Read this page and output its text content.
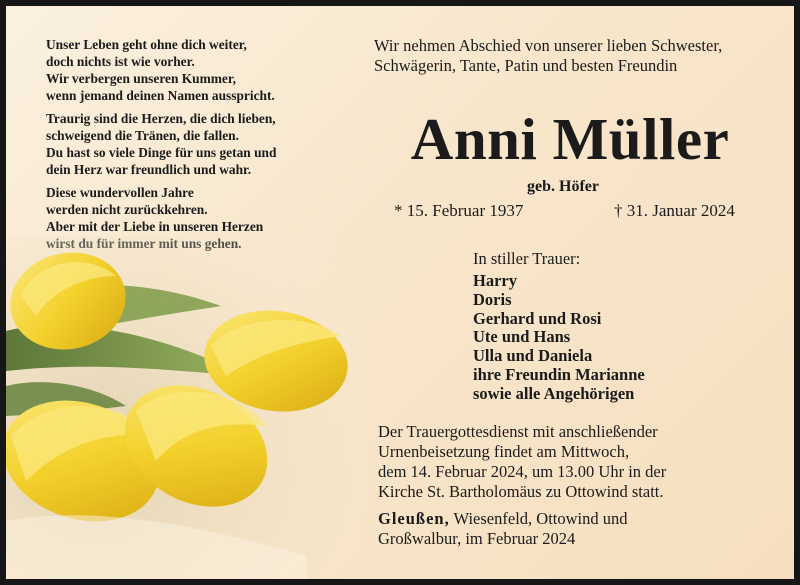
Unser Leben geht ohne dich weiter,
doch nichts ist wie vorher.
Wir verbergen unseren Kummer,
wenn jemand deinen Namen ausspricht.

Traurig sind die Herzen, die dich lieben,
schweigend die Tränen, die fallen.
Du hast so viele Dinge für uns getan und
dein Herz war freundlich und wahr.

Diese wundervollen Jahre
werden nicht zurückkehren.
Aber mit der Liebe in unseren Herzen

Wir nehmen Abschied von unserer lieben Schwester,
Schwägerin, Tante, Patin und besten Freundin
Anni Müller
geb. Höfer
* 15. Februar 1937	† 31. Januar 2024
In stiller Trauer:
Harry
Doris
Gerhard und Rosi
Ute und Hans
Ulla und Daniela
ihre Freundin Marianne
sowie alle Angehörigen
Der Trauergottesdienst mit anschließender
Urnenbeisetzung findet am Mittwoch,
dem 14. Februar 2024, um 13.00 Uhr in der
Kirche St. Bartholomäus zu Ottowind statt.
Gleußen, Wiesenfeld, Ottowind und
Großwalbur, im Februar 2024
